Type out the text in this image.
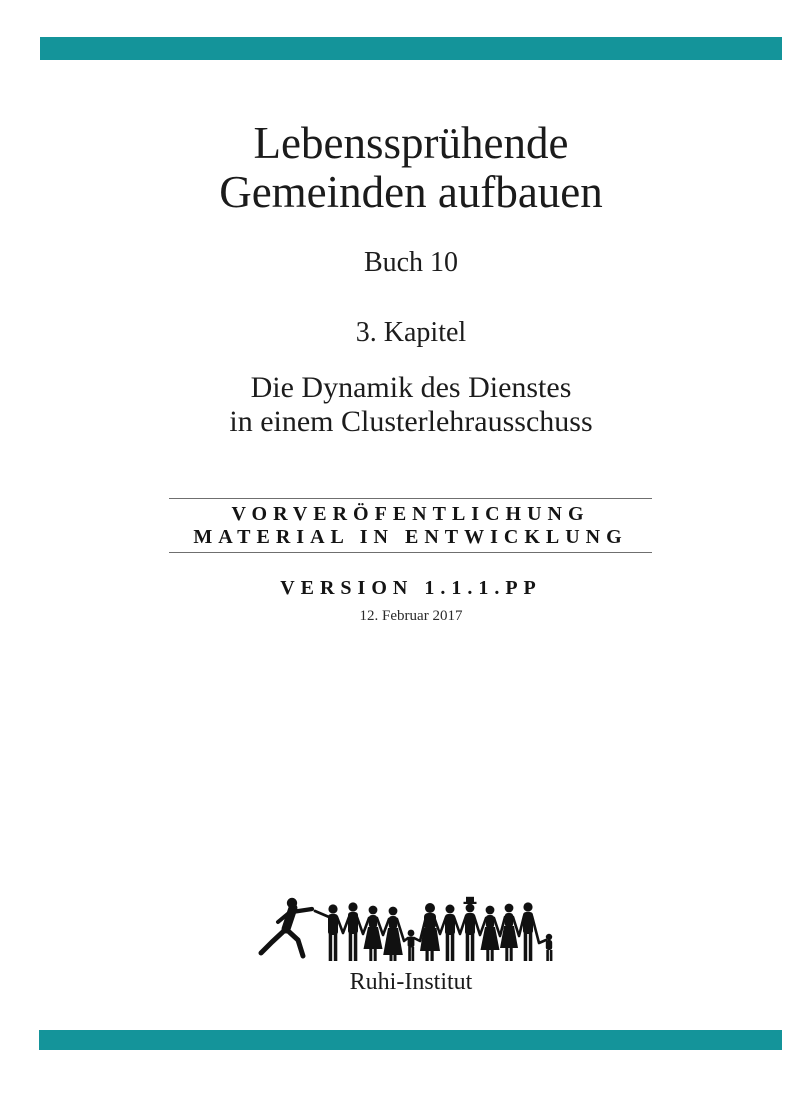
Lebenssprühende
Gemeinden aufbauen
Buch 10
3. Kapitel
Die Dynamik des Dienstes
in einem Clusterlehrausschuss
VORVERÖFENTLICHUNG
MATERIAL IN ENTWICKLUNG
VERSION 1.1.1.PP
12. Februar 2017
Ruhi-Institut
